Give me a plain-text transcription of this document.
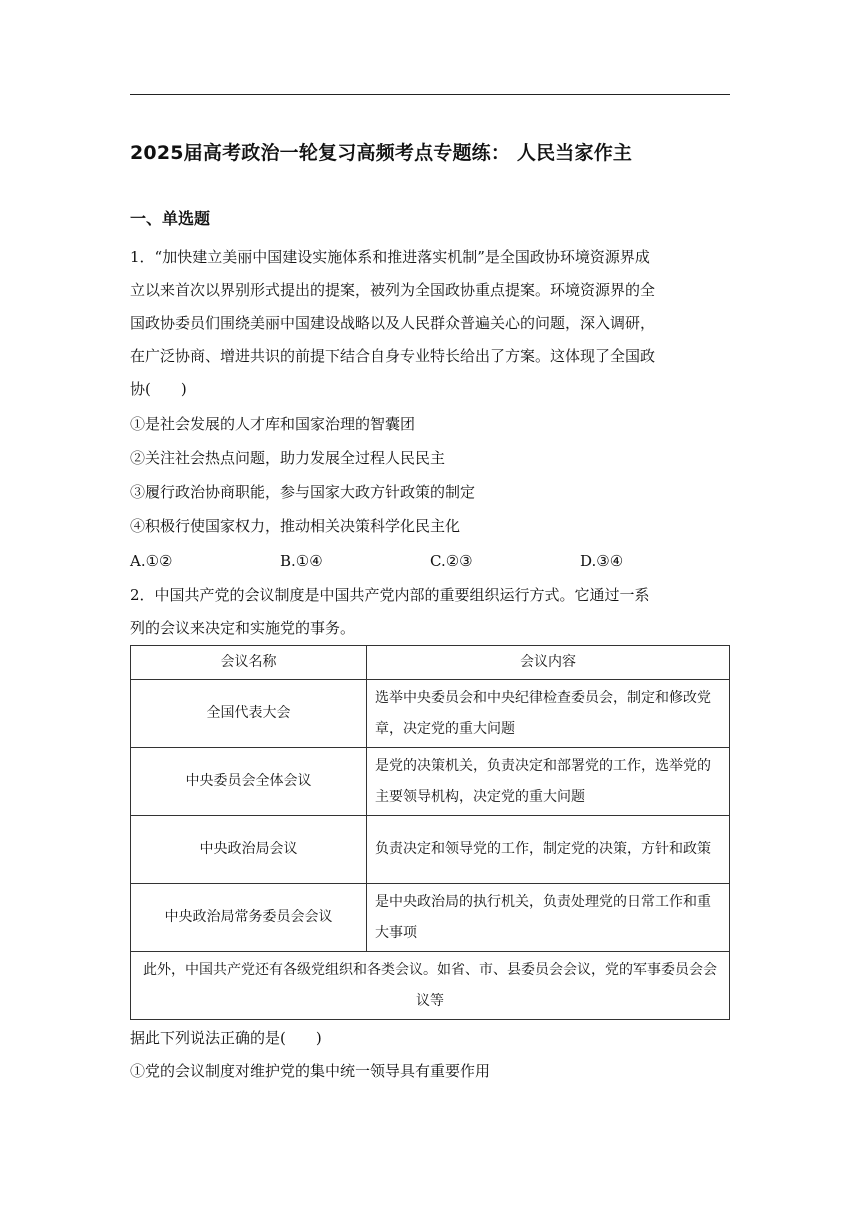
2025届高考政治一轮复习高频考点专题练： 人民当家作主
一、单选题
1．“加快建立美丽中国建设实施体系和推进落实机制”是全国政协环境资源界成
立以来首次以界别形式提出的提案，被列为全国政协重点提案。环境资源界的全
国政协委员们围绕美丽中国建设战略以及人民群众普遍关心的问题，深入调研，
在广泛协商、增进共识的前提下结合自身专业特长给出了方案。这体现了全国政
协(　　)
①是社会发展的人才库和国家治理的智囊团
②关注社会热点问题，助力发展全过程人民民主
③履行政治协商职能，参与国家大政方针政策的制定
④积极行使国家权力，推动相关决策科学化民主化
A.①②	B.①④	C.②③	D.③④
2．中国共产党的会议制度是中国共产党内部的重要组织运行方式。它通过一系
列的会议来决定和实施党的事务。
会议名称	会议内容
全国代表大会	选举中央委员会和中央纪律检查委员会，制定和修改党章，决定党的重大问题
中央委员会全体会议	是党的决策机关，负责决定和部署党的工作，选举党的主要领导机构，决定党的重大问题
中央政治局会议	负责决定和领导党的工作，制定党的决策，方针和政策
中央政治局常务委员会会议	是中央政治局的执行机关，负责处理党的日常工作和重大事项
此外，中国共产党还有各级党组织和各类会议。如省、市、县委员会会议，党的军事委员会会议等	
据此下列说法正确的是(　　)
①党的会议制度对维护党的集中统一领导具有重要作用
